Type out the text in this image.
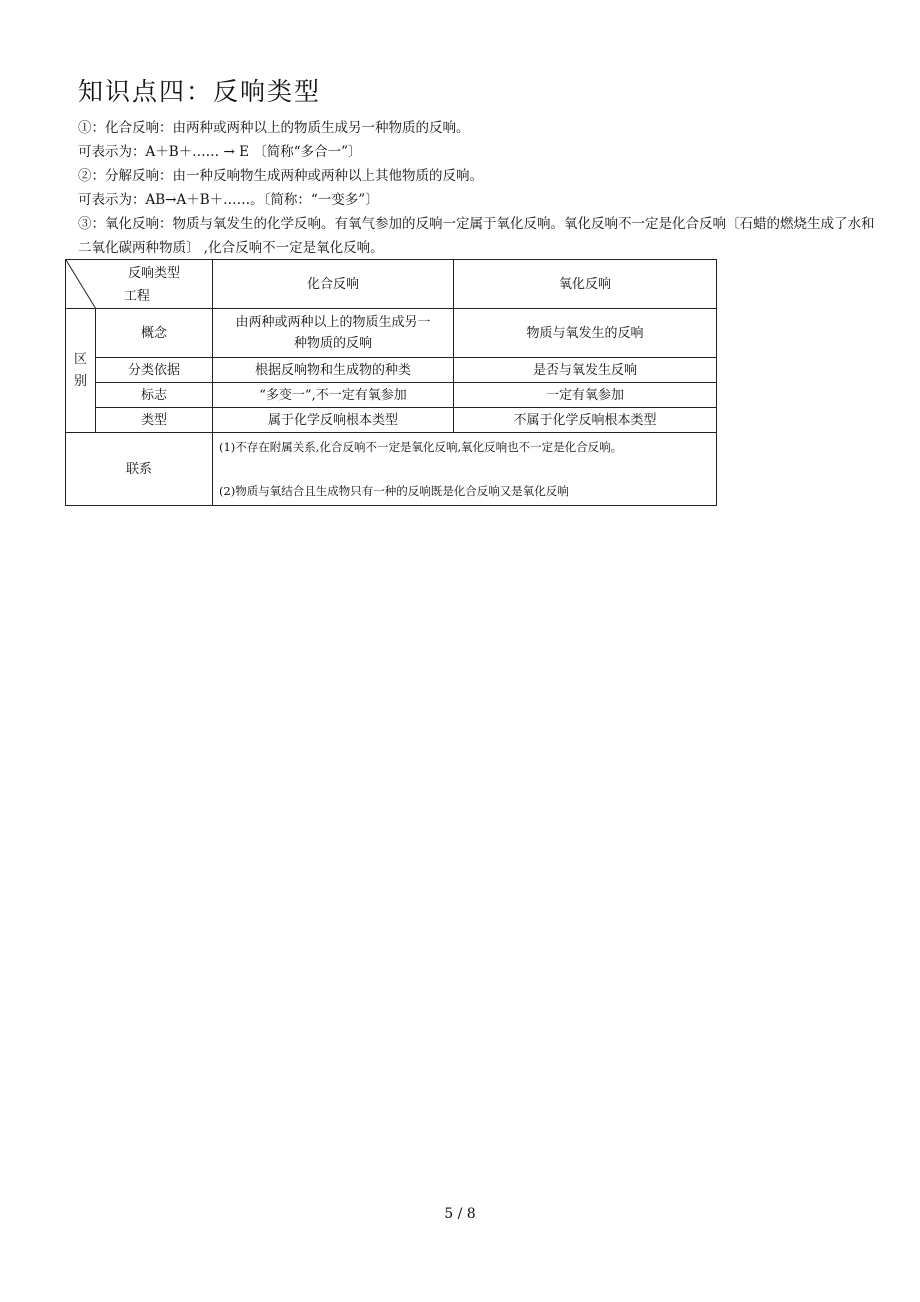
知识点四：反响类型
①：化合反响：由两种或两种以上的物质生成另一种物质的反响。
可表示为：A＋B＋…… → E 〔简称“多合一”〕
②：分解反响：由一种反响物生成两种或两种以上其他物质的反响。
可表示为：AB→A＋B＋……。〔简称：“一变多”〕
③：氧化反响：物质与氧发生的化学反响。有氧气参加的反响一定属于氧化反响。氧化反响不一定是化合反响〔石蜡的燃烧生成了水和二氧化碳两种物质〕 ,化合反响不一定是氧化反响。
反响类型
工程		化合反响	氧化反响

区
别	概念	由两种或两种以上的物质生成另一种物质的反响	物质与氧发生的反响
	分类依据	根据反响物和生成物的种类	是否与氧发生反响
	标志	“多变一”,不一定有氧参加	一定有氧参加
	类型	属于化学反响根本类型	不属于化学反响根本类型
联系		(1)不存在附属关系,化合反响不一定是氧化反响,氧化反响也不一定是化合反响。
(2)物质与氧结合且生成物只有一种的反响既是化合反响又是氧化反响	
5 / 8
